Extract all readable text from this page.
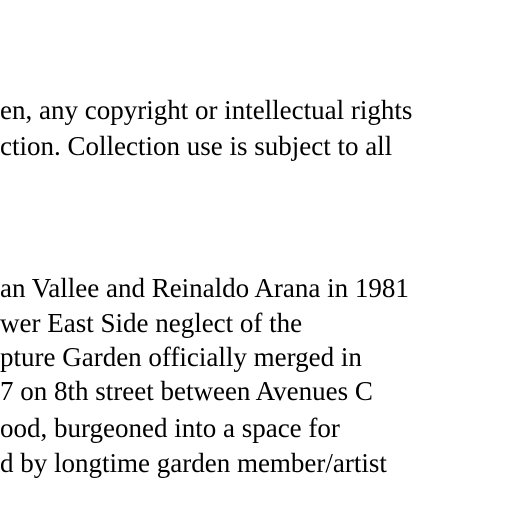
en, any copyright or intellectual rights

ction. Collection use is subject to all

an Vallee and Reinaldo Arana in 1981

wer East Side neglect of the

pture Garden officially merged in

7 on 8th street between Avenues C

ood, burgeoned into a space for

d by longtime garden member/artist
